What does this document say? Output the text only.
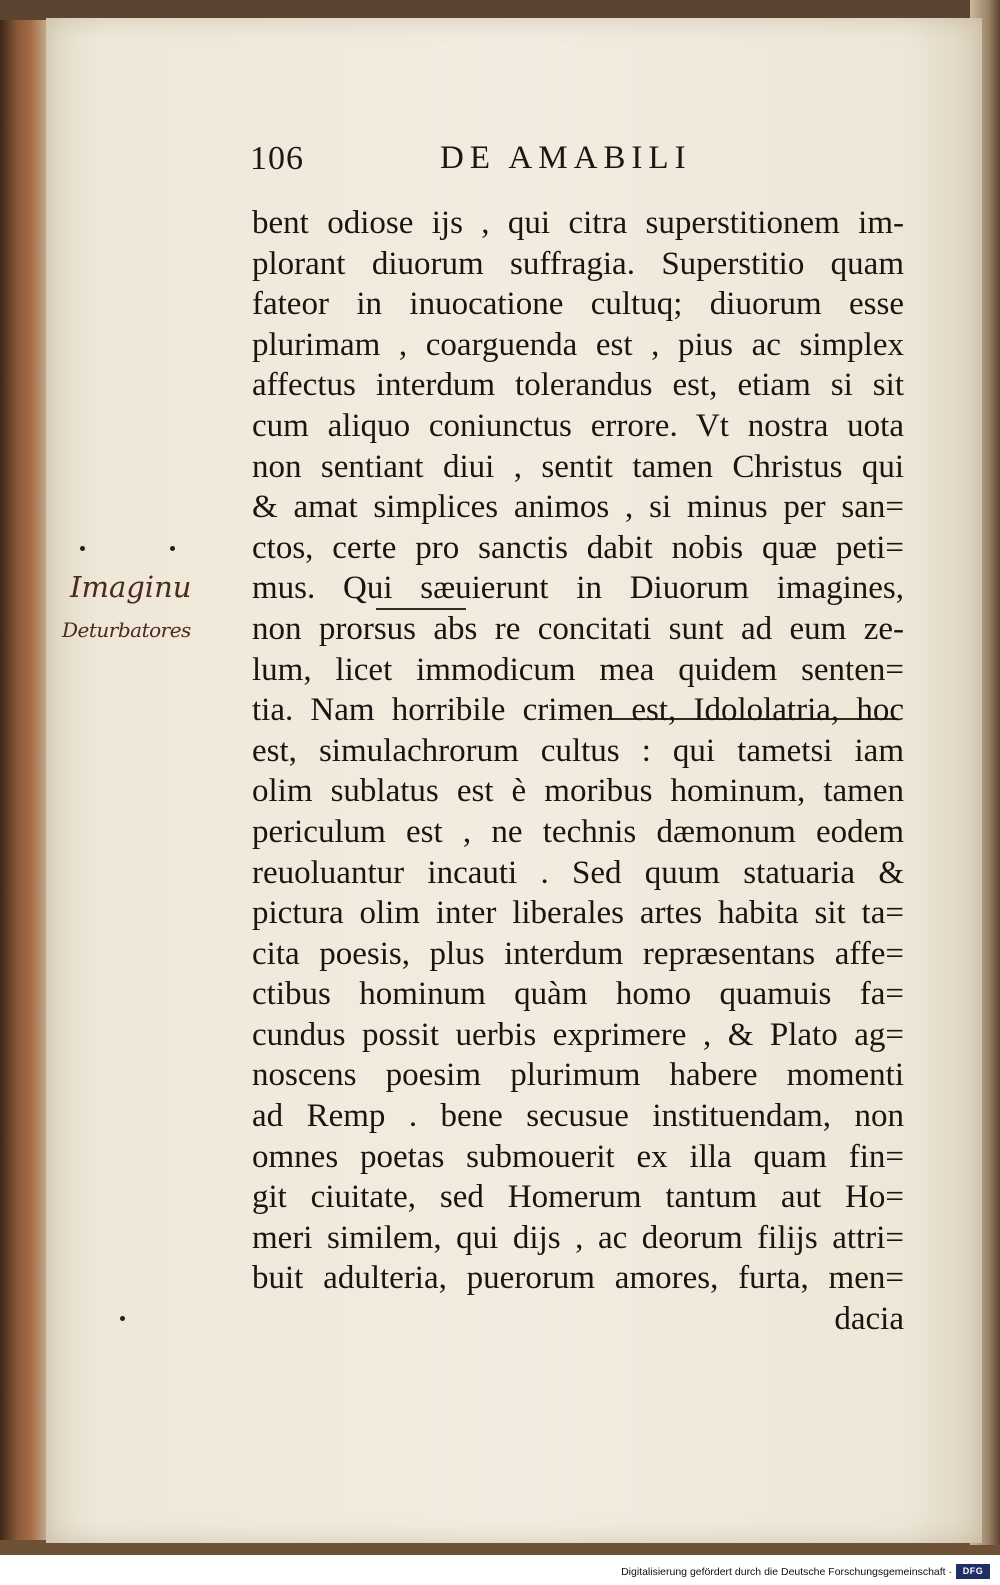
106	DE AMABILI
Imaginu
Deturbatores
bent odiose ijs , qui citra superstitionem im-
plorant diuorum suffragia. Superstitio quam
fateor in inuocatione cultuq; diuorum esse
plurimam , coarguenda est , pius ac simplex
affectus interdum tolerandus est, etiam si sit
cum aliquo coniunctus errore. Vt nostra uota
non sentiant diui , sentit tamen Christus qui
& amat simplices animos , si minus per san=
ctos, certe pro sanctis dabit nobis quæ peti=
mus. Qui sæuierunt in Diuorum imagines,
non prorsus abs re concitati sunt ad eum ze-
lum, licet immodicum mea quidem senten=
tia. Nam horribile crimen est, Idololatria, hoc
est, simulachrorum cultus : qui tametsi iam
olim sublatus est è moribus hominum, tamen
periculum est , ne technis dæmonum eodem
reuoluantur incauti . Sed quum statuaria &
pictura olim inter liberales artes habita sit ta=
cita poesis, plus interdum repræsentans affe=
ctibus hominum quàm homo quamuis fa=
cundus possit uerbis exprimere , & Plato ag=
noscens poesim plurimum habere momenti
ad Remp . bene secusue instituendam, non
omnes poetas submouerit ex illa quam fin=
git ciuitate, sed Homerum tantum aut Ho=
meri similem, qui dijs , ac deorum filijs attri=
buit adulteria, puerorum amores, furta, men=
dacia
Digitalisierung gefördert durch die Deutsche Forschungsgemeinschaft ·	DFG
